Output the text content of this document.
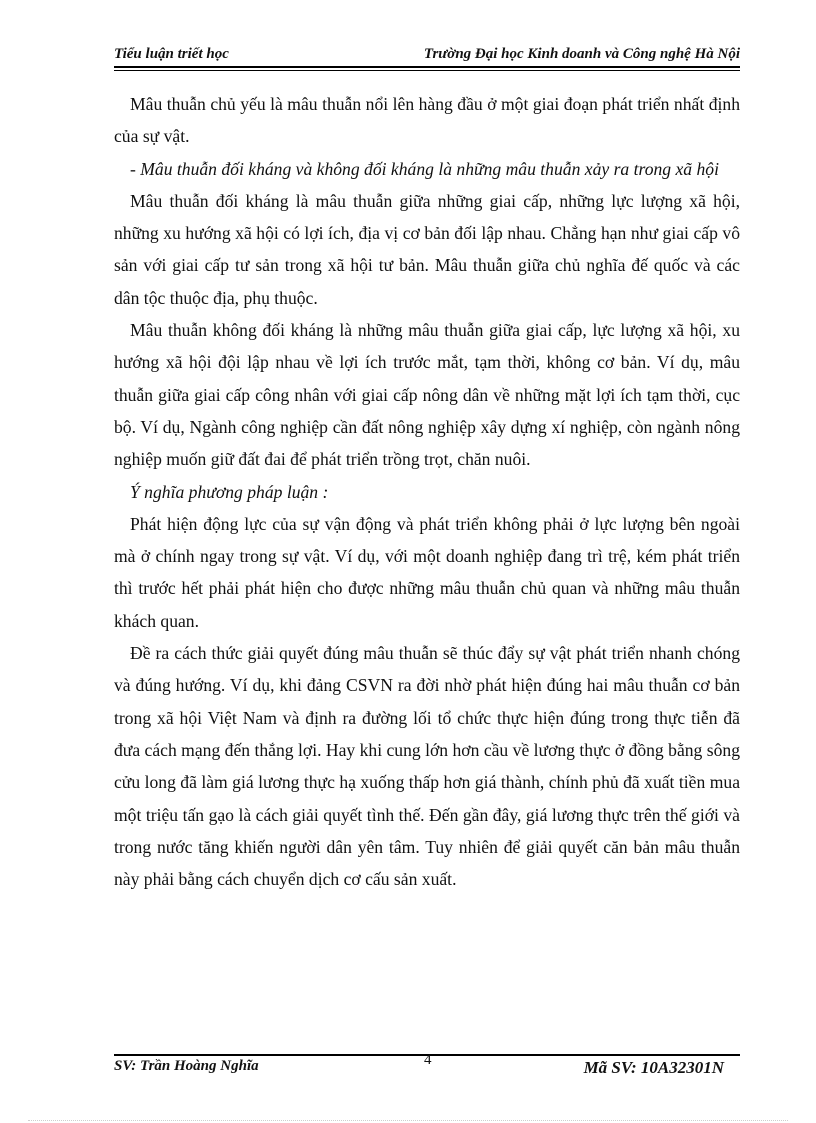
Tiểu luận triết học	Trường Đại học Kinh doanh và Công nghệ Hà Nội

Mâu thuẫn chủ yếu là mâu thuẫn nổi lên hàng đầu ở một giai đoạn phát triển nhất định của sự vật.

- Mâu thuẫn đối kháng và không đối kháng là những mâu thuẫn xảy ra trong xã hội

Mâu thuẫn đối kháng là mâu thuẫn giữa những giai cấp, những lực lượng xã hội, những xu hướng xã hội có lợi ích, địa vị cơ bản đối lập nhau. Chẳng hạn như giai cấp vô sản với giai cấp tư sản trong xã hội tư bản. Mâu thuẫn giữa chủ nghĩa đế quốc và các dân tộc thuộc địa, phụ thuộc.

Mâu thuẫn không đối kháng là những mâu thuẫn giữa giai cấp, lực lượng xã hội, xu hướng xã hội đội lập nhau về lợi ích trước mắt, tạm thời, không cơ bản. Ví dụ, mâu thuẫn giữa giai cấp công nhân với giai cấp nông dân về những mặt lợi ích tạm thời, cục bộ. Ví dụ, Ngành công nghiệp cần đất nông nghiệp xây dựng xí nghiệp, còn ngành nông nghiệp muốn giữ đất đai để phát triển trồng trọt, chăn nuôi.

Ý nghĩa phương pháp luận :

Phát hiện động lực của sự vận động và phát triển không phải ở lực lượng bên ngoài mà ở chính ngay trong sự vật. Ví dụ, với một doanh nghiệp đang trì trệ, kém phát triển thì trước hết phải phát hiện cho được những mâu thuẫn chủ quan và những mâu thuẫn khách quan.

Đề ra cách thức giải quyết đúng mâu thuẫn sẽ thúc đẩy sự vật phát triển nhanh chóng và đúng hướng. Ví dụ, khi đảng CSVN ra đời nhờ phát hiện đúng hai mâu thuẫn cơ bản trong xã hội Việt Nam và định ra đường lối tổ chức thực hiện đúng trong thực tiễn đã đưa cách mạng đến thắng lợi. Hay khi cung lớn hơn cầu về lương thực ở đồng bằng sông cửu long đã làm giá lương thực hạ xuống thấp hơn giá thành, chính phủ đã xuất tiền mua một triệu tấn gạo là cách giải quyết tình thế. Đến gần đây, giá lương thực trên thế giới và trong nước tăng khiến người dân yên tâm. Tuy nhiên để giải quyết căn bản mâu thuẫn này phải bằng cách chuyển dịch cơ cấu sản xuất.

SV: Trần Hoàng Nghĩa	4	Mã SV: 10A32301N
